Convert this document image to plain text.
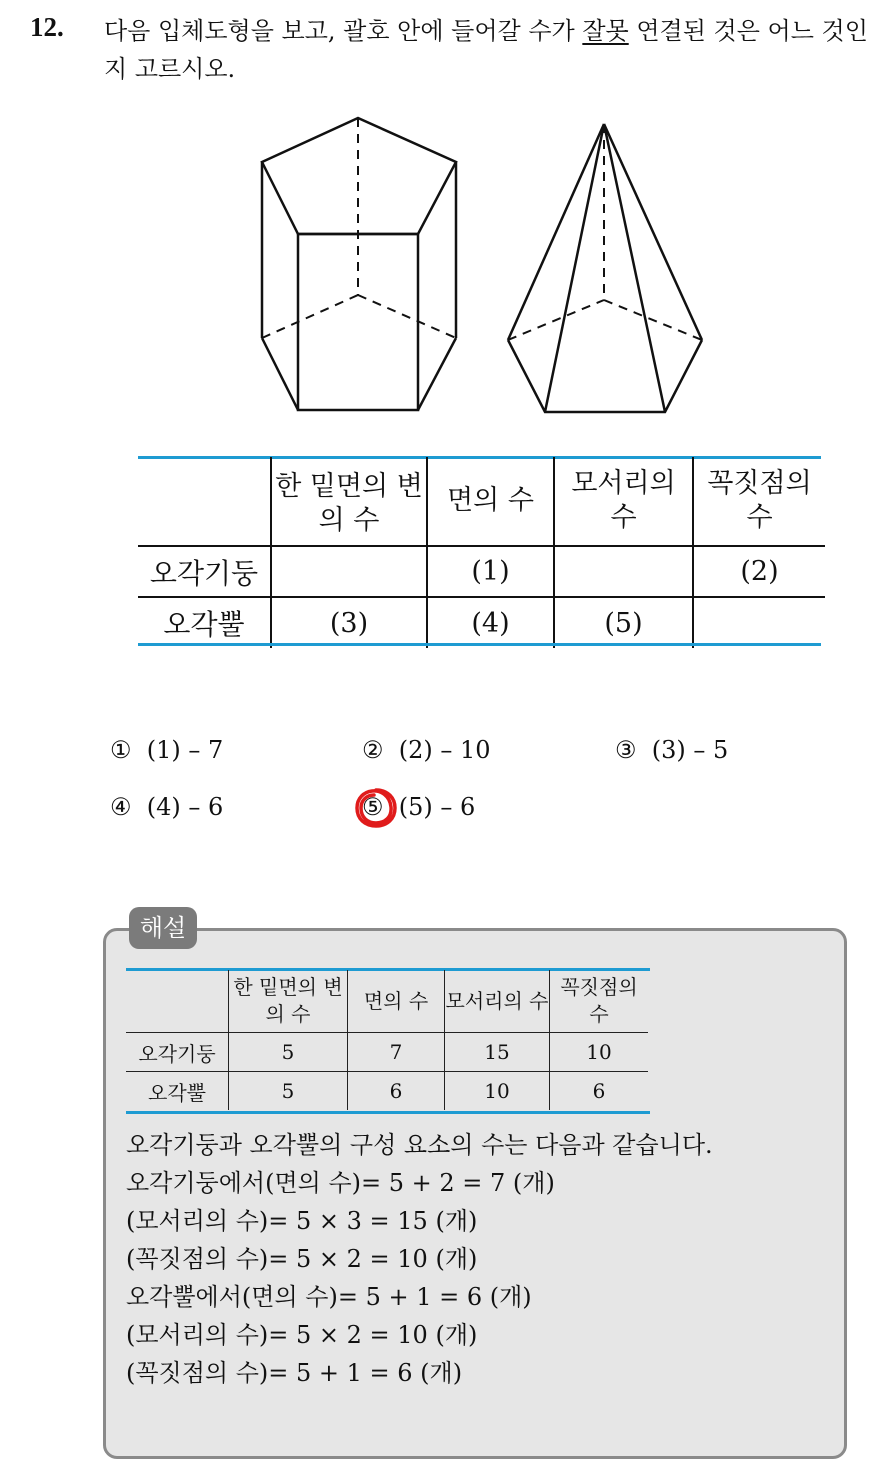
12. 다음 입체도형을 보고, 괄호 안에 들어갈 수가 잘못 연결된 것은 어느 것인지 고르시오.
	한 밑면의 변의 수	면의 수	모서리의 수	꼭짓점의 수
오각기둥		(1)		(2)
오각뿔	(3)	(4)	(5)	
① (1) – 7	② (2) – 10	③ (3) – 5
④ (4) – 6	⑤ (5) – 6
해설
	한 밑면의 변의 수	면의 수	모서리의 수	꼭짓점의 수
오각기둥	5	7	15	10
오각뿔	5	6	10	6
오각기둥과 오각뿔의 구성 요소의 수는 다음과 같습니다.
오각기둥에서(면의 수)= 5 + 2 = 7 (개)
(모서리의 수)= 5 × 3 = 15 (개)
(꼭짓점의 수)= 5 × 2 = 10 (개)
오각뿔에서(면의 수)= 5 + 1 = 6 (개)
(모서리의 수)= 5 × 2 = 10 (개)
(꼭짓점의 수)= 5 + 1 = 6 (개)
